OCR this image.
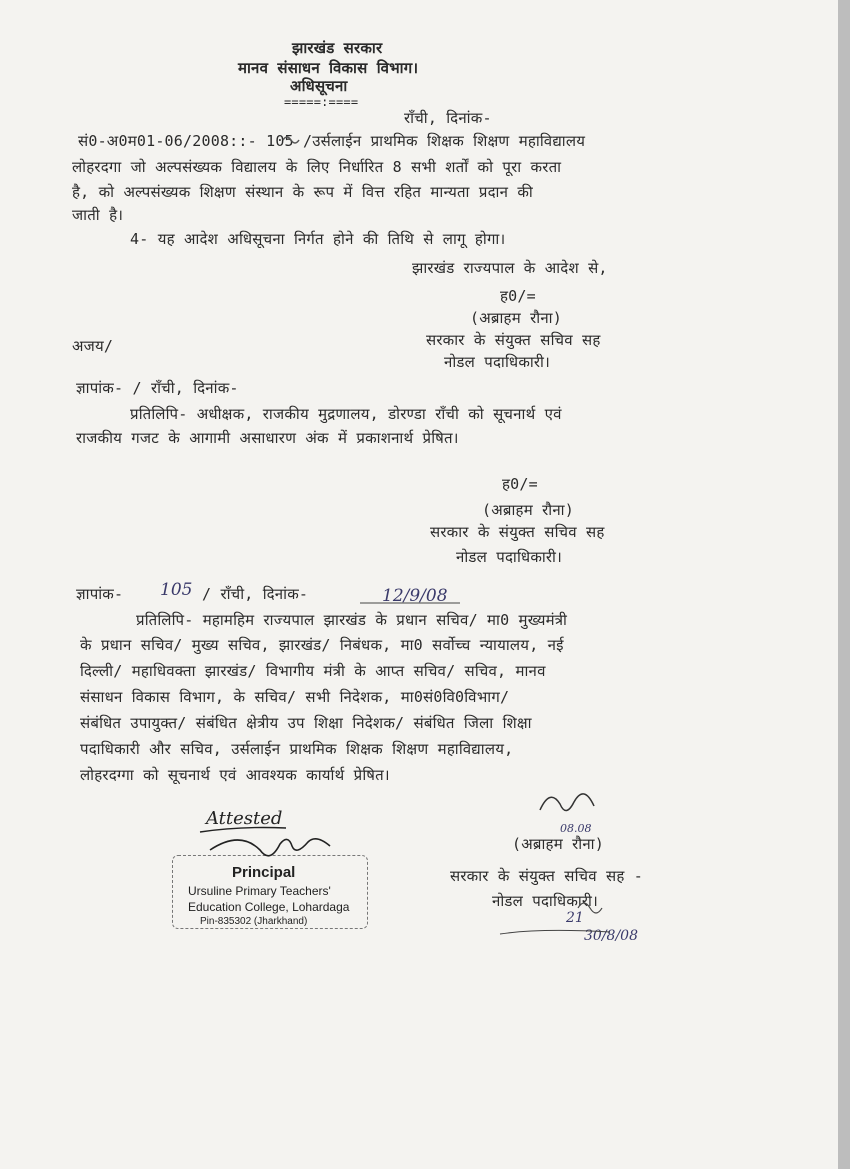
झारखंड सरकार
मानव संसाधन विकास विभाग।
अधिसूचना
=====:====
राँची, दिनांक-
सं0-अ0म01-06/2008::- 105 /उर्सलाईन प्राथमिक शिक्षक शिक्षण महाविद्यालय
लोहरदगा जो अल्पसंख्यक विद्यालय के लिए निर्धारित 8 सभी शर्तों को पूरा करता
है, को अल्पसंख्यक शिक्षण संस्थान के रूप में वित्त रहित मान्यता प्रदान की
जाती है।
4- यह आदेश अधिसूचना निर्गत होने की तिथि से लागू होगा।
झारखंड राज्यपाल के आदेश से,
ह0/=
(अब्राहम रौना)
अजय/	सरकार के संयुक्त सचिव सह
नोडल पदाधिकारी।
ज्ञापांक- / राँची, दिनांक-
प्रतिलिपि- अधीक्षक, राजकीय मुद्रणालय, डोरण्डा राँची को सूचनार्थ एवं
राजकीय गजट के आगामी असाधारण अंक में प्रकाशनार्थ प्रेषित।
ह0/=
(अब्राहम रौना)
सरकार के संयुक्त सचिव सह
नोडल पदाधिकारी।
ज्ञापांक- 105 / राँची, दिनांक-	12/9/08
प्रतिलिपि- महामहिम राज्यपाल झारखंड के प्रधान सचिव/ मा0 मुख्यमंत्री
के प्रधान सचिव/ मुख्य सचिव, झारखंड/ निबंधक, मा0 सर्वोच्च न्यायालय, नई
दिल्ली/ महाधिवक्ता झारखंड/ विभागीय मंत्री के आप्त सचिव/ सचिव, मानव
संसाधन विकास विभाग, के सचिव/ सभी निदेशक, मा0सं0वि0विभाग/
संबंधित उपायुक्त/ संबंधित क्षेत्रीय उप शिक्षा निदेशक/ संबंधित जिला शिक्षा
पदाधिकारी और सचिव, उर्सलाईन प्राथमिक शिक्षक शिक्षण महाविद्यालय,
लोहरदग्गा को सूचनार्थ एवं आवश्यक कार्यार्थ प्रेषित।
08.08
(अब्राहम रौना)
सरकार के संयुक्त सचिव सह -
नोडल पदाधिकारी।
21
30/8/08
Attested
Principal
Ursuline Primary Teachers'
Education College, Lohardaga
Pin-835302 (Jharkhand)
